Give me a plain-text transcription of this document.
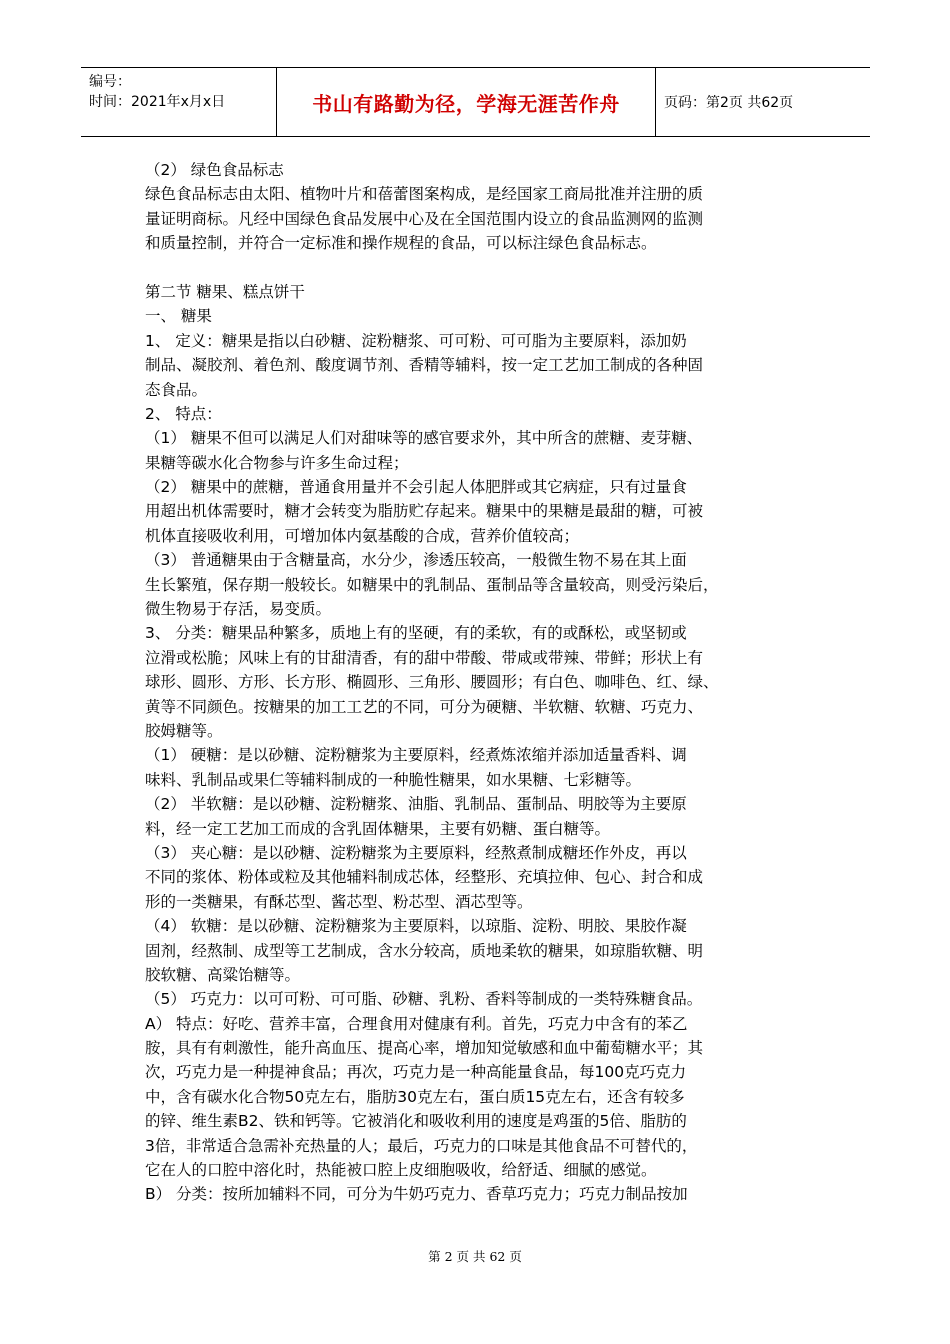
编号：
时间：2021年x月x日	书山有路勤为径，学海无涯苦作舟	页码：第2页 共62页
（2） 绿色食品标志
绿色食品标志由太阳、植物叶片和蓓蕾图案构成，是经国家工商局批准并注册的质
量证明商标。凡经中国绿色食品发展中心及在全国范围内设立的食品监测网的监测
和质量控制，并符合一定标准和操作规程的食品，可以标注绿色食品标志。
第二节 糖果、糕点饼干
一、 糖果
1、 定义：糖果是指以白砂糖、淀粉糖浆、可可粉、可可脂为主要原料，添加奶
制品、凝胶剂、着色剂、酸度调节剂、香精等辅料，按一定工艺加工制成的各种固
态食品。
2、 特点：
（1） 糖果不但可以满足人们对甜味等的感官要求外，其中所含的蔗糖、麦芽糖、
果糖等碳水化合物参与许多生命过程；
（2） 糖果中的蔗糖，普通食用量并不会引起人体肥胖或其它病症，只有过量食
用超出机体需要时，糖才会转变为脂肪贮存起来。糖果中的果糖是最甜的糖，可被
机体直接吸收利用，可增加体内氨基酸的合成，营养价值较高；
（3） 普通糖果由于含糖量高，水分少，渗透压较高，一般微生物不易在其上面
生长繁殖，保存期一般较长。如糖果中的乳制品、蛋制品等含量较高，则受污染后，
微生物易于存活，易变质。
3、 分类：糖果品种繁多，质地上有的坚硬，有的柔软，有的或酥松，或坚韧或
泣滑或松脆；风味上有的甘甜清香，有的甜中带酸、带咸或带辣、带鲜；形状上有
球形、圆形、方形、长方形、椭圆形、三角形、腰圆形；有白色、咖啡色、红、绿、
黄等不同颜色。按糖果的加工工艺的不同，可分为硬糖、半软糖、软糖、巧克力、
胶姆糖等。
（1） 硬糖：是以砂糖、淀粉糖浆为主要原料，经煮炼浓缩并添加适量香料、调
味料、乳制品或果仁等辅料制成的一种脆性糖果，如水果糖、七彩糖等。
（2） 半软糖：是以砂糖、淀粉糖浆、油脂、乳制品、蛋制品、明胶等为主要原
料，经一定工艺加工而成的含乳固体糖果，主要有奶糖、蛋白糖等。
（3） 夹心糖：是以砂糖、淀粉糖浆为主要原料，经熬煮制成糖坯作外皮，再以
不同的浆体、粉体或粒及其他辅料制成芯体，经整形、充填拉伸、包心、封合和成
形的一类糖果，有酥芯型、酱芯型、粉芯型、酒芯型等。
（4） 软糖：是以砂糖、淀粉糖浆为主要原料，以琼脂、淀粉、明胶、果胶作凝
固剂，经熬制、成型等工艺制成，含水分较高，质地柔软的糖果，如琼脂软糖、明
胶软糖、高粱饴糖等。
（5） 巧克力：以可可粉、可可脂、砂糖、乳粉、香料等制成的一类特殊糖食品。
A） 特点：好吃、营养丰富，合理食用对健康有利。首先，巧克力中含有的苯乙
胺，具有有刺激性，能升高血压、提高心率，增加知觉敏感和血中葡萄糖水平；其
次，巧克力是一种提神食品；再次，巧克力是一种高能量食品，每100克巧克力
中，含有碳水化合物50克左右，脂肪30克左右，蛋白质15克左右，还含有较多
的锌、维生素B2、铁和钙等。它被消化和吸收利用的速度是鸡蛋的5倍、脂肪的
3倍，非常适合急需补充热量的人；最后，巧克力的口味是其他食品不可替代的，
它在人的口腔中溶化时，热能被口腔上皮细胞吸收，给舒适、细腻的感觉。
B） 分类：按所加辅料不同，可分为牛奶巧克力、香草巧克力；巧克力制品按加
第 2 页 共 62 页
